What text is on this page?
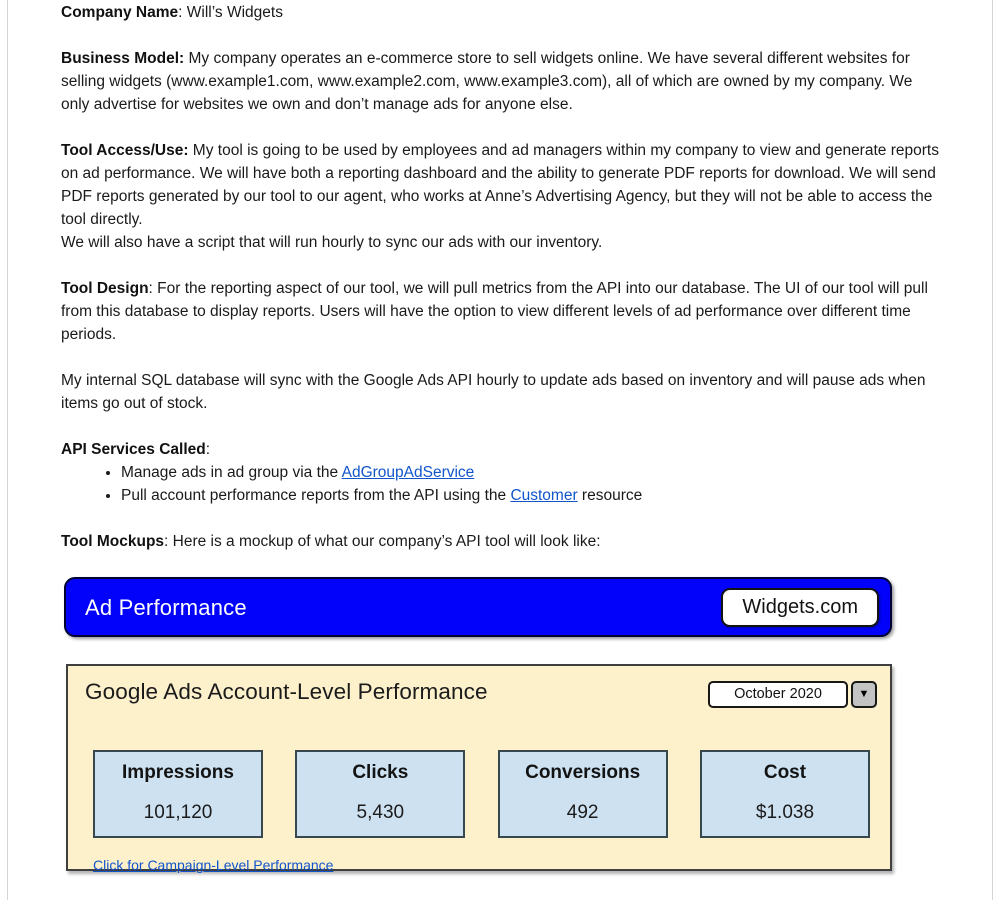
Company Name: Will’s Widgets

Business Model: My company operates an e-commerce store to sell widgets online. We have several different websites for selling widgets (www.example1.com, www.example2.com, www.example3.com), all of which are owned by my company. We only advertise for websites we own and don’t manage ads for anyone else.

Tool Access/Use: My tool is going to be used by employees and ad managers within my company to view and generate reports on ad performance. We will have both a reporting dashboard and the ability to generate PDF reports for download. We will send PDF reports generated by our tool to our agent, who works at Anne’s Advertising Agency, but they will not be able to access the tool directly.
We will also have a script that will run hourly to sync our ads with our inventory.

Tool Design: For the reporting aspect of our tool, we will pull metrics from the API into our database. The UI of our tool will pull from this database to display reports. Users will have the option to view different levels of ad performance over different time periods.

My internal SQL database will sync with the Google Ads API hourly to update ads based on inventory and will pause ads when items go out of stock.

API Services Called:
• Manage ads in ad group via the AdGroupAdService
• Pull account performance reports from the API using the Customer resource

Tool Mockups: Here is a mockup of what our company’s API tool will look like:

Ad Performance	Widgets.com
Google Ads Account-Level Performance	October 2020	▼
Impressions
101,120
Clicks
5,430
Conversions
492
Cost
$1.038
Click for Campaign-Level Performance
